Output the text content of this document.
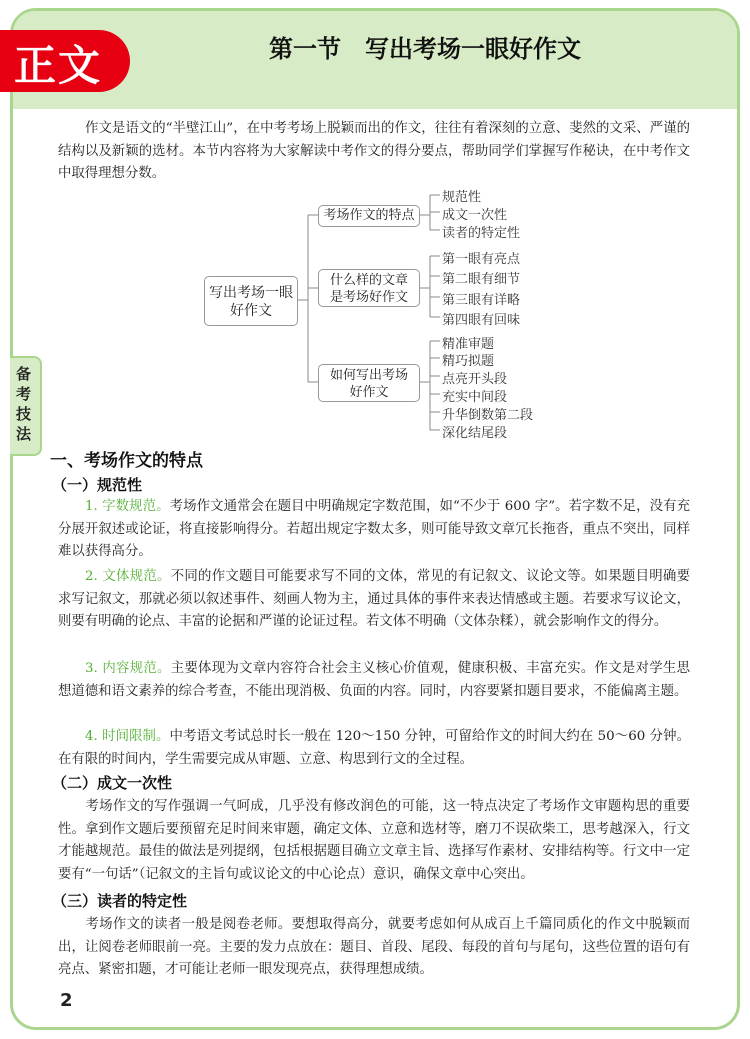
正文	第一节　写出考场一眼好作文
备考技法
作文是语文的“半壁江山”，在中考考场上脱颖而出的作文，往往有着深刻的立意、斐然的文采、严谨的结构以及新颖的选材。本节内容将为大家解读中考作文的得分要点，帮助同学们掌握写作秘诀，在中考作文中取得理想分数。
写出考场一眼好作文
考场作文的特点
什么样的文章是考场好作文
如何写出考场好作文
规范性
成文一次性
读者的特定性
第一眼有亮点
第二眼有细节
第三眼有详略
第四眼有回味
精准审题
精巧拟题
点亮开头段
充实中间段
升华倒数第二段
深化结尾段
一、考场作文的特点
（一）规范性
1. 字数规范。考场作文通常会在题目中明确规定字数范围，如“不少于 600 字”。若字数不足，没有充分展开叙述或论证，将直接影响得分。若超出规定字数太多，则可能导致文章冗长拖沓，重点不突出，同样难以获得高分。
2. 文体规范。不同的作文题目可能要求写不同的文体，常见的有记叙文、议论文等。如果题目明确要求写记叙文，那就必须以叙述事件、刻画人物为主，通过具体的事件来表达情感或主题。若要求写议论文，则要有明确的论点、丰富的论据和严谨的论证过程。若文体不明确（文体杂糅），就会影响作文的得分。
3. 内容规范。主要体现为文章内容符合社会主义核心价值观，健康积极、丰富充实。作文是对学生思想道德和语文素养的综合考查，不能出现消极、负面的内容。同时，内容要紧扣题目要求，不能偏离主题。
4. 时间限制。中考语文考试总时长一般在 120～150 分钟，可留给作文的时间大约在 50～60 分钟。在有限的时间内，学生需要完成从审题、立意、构思到行文的全过程。
（二）成文一次性
考场作文的写作强调一气呵成，几乎没有修改润色的可能，这一特点决定了考场作文审题构思的重要性。拿到作文题后要预留充足时间来审题，确定文体、立意和选材等，磨刀不误砍柴工，思考越深入，行文才能越规范。最佳的做法是列提纲，包括根据题目确立文章主旨、选择写作素材、安排结构等。行文中一定要有“一句话”（记叙文的主旨句或议论文的中心论点）意识，确保文章中心突出。
（三）读者的特定性
考场作文的读者一般是阅卷老师。要想取得高分，就要考虑如何从成百上千篇同质化的作文中脱颖而出，让阅卷老师眼前一亮。主要的发力点放在：题目、首段、尾段、每段的首句与尾句，这些位置的语句有亮点、紧密扣题，才可能让老师一眼发现亮点，获得理想成绩。
2
